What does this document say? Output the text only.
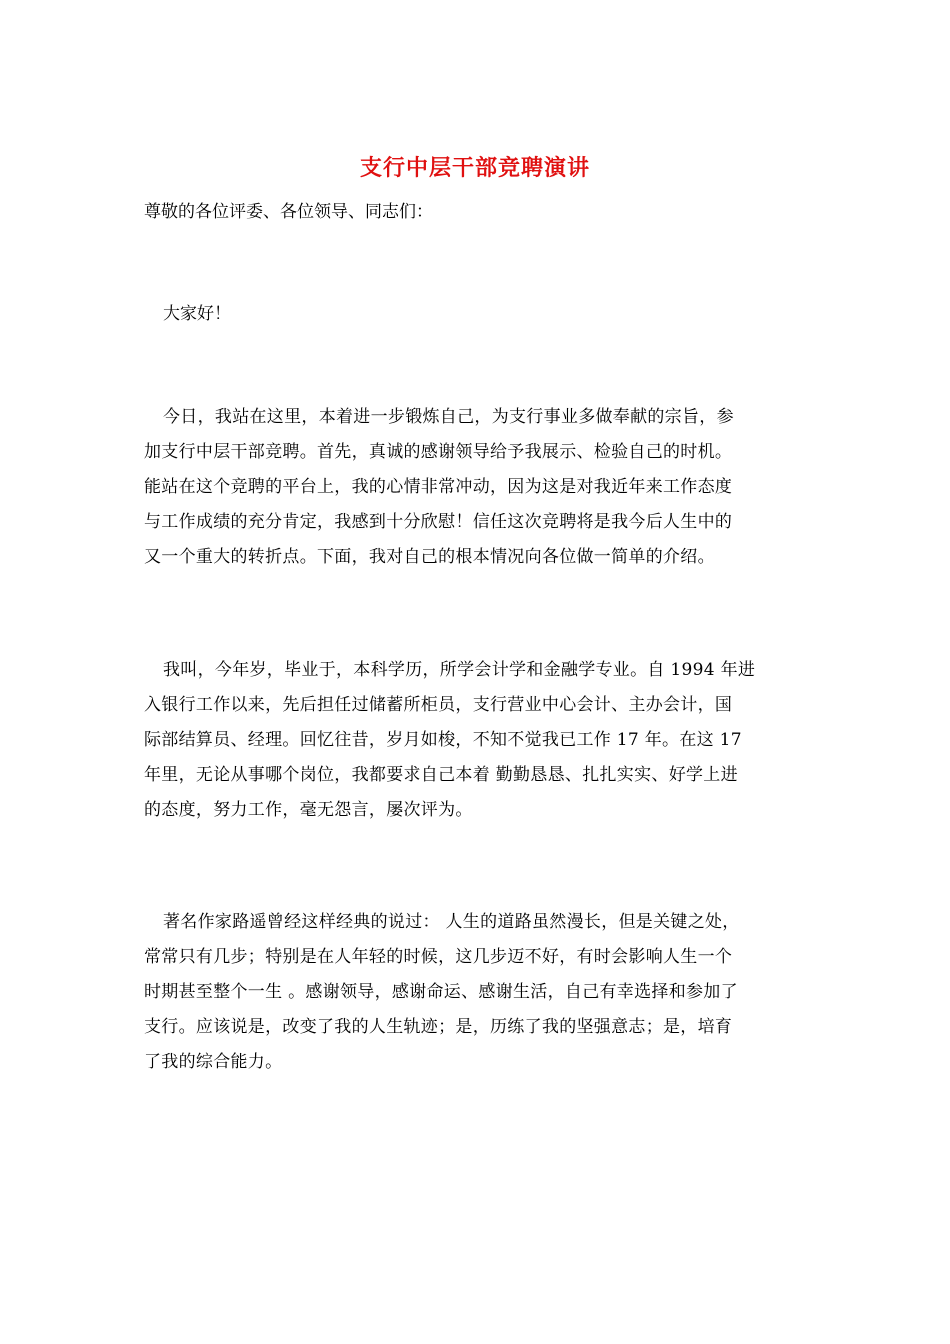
支行中层干部竞聘演讲
尊敬的各位评委、各位领导、同志们：
大家好！
今日，我站在这里，本着进一步锻炼自己，为支行事业多做奉献的宗旨，参
加支行中层干部竞聘。首先，真诚的感谢领导给予我展示、检验自己的时机。
能站在这个竞聘的平台上，我的心情非常冲动，因为这是对我近年来工作态度
与工作成绩的充分肯定，我感到十分欣慰！信任这次竞聘将是我今后人生中的
又一个重大的转折点。下面，我对自己的根本情况向各位做一简单的介绍。
我叫，今年岁，毕业于，本科学历，所学会计学和金融学专业。自 1994 年进
入银行工作以来，先后担任过储蓄所柜员，支行营业中心会计、主办会计，国
际部结算员、经理。回忆往昔，岁月如梭，不知不觉我已工作 17 年。在这 17
年里，无论从事哪个岗位，我都要求自己本着 勤勤恳恳、扎扎实实、好学上进
的态度，努力工作，毫无怨言，屡次评为。
著名作家路遥曾经这样经典的说过： 人生的道路虽然漫长，但是关键之处，
常常只有几步；特别是在人年轻的时候，这几步迈不好，有时会影响人生一个
时期甚至整个一生 。感谢领导，感谢命运、感谢生活，自己有幸选择和参加了
支行。应该说是，改变了我的人生轨迹；是，历练了我的坚强意志；是，培育
了我的综合能力。
